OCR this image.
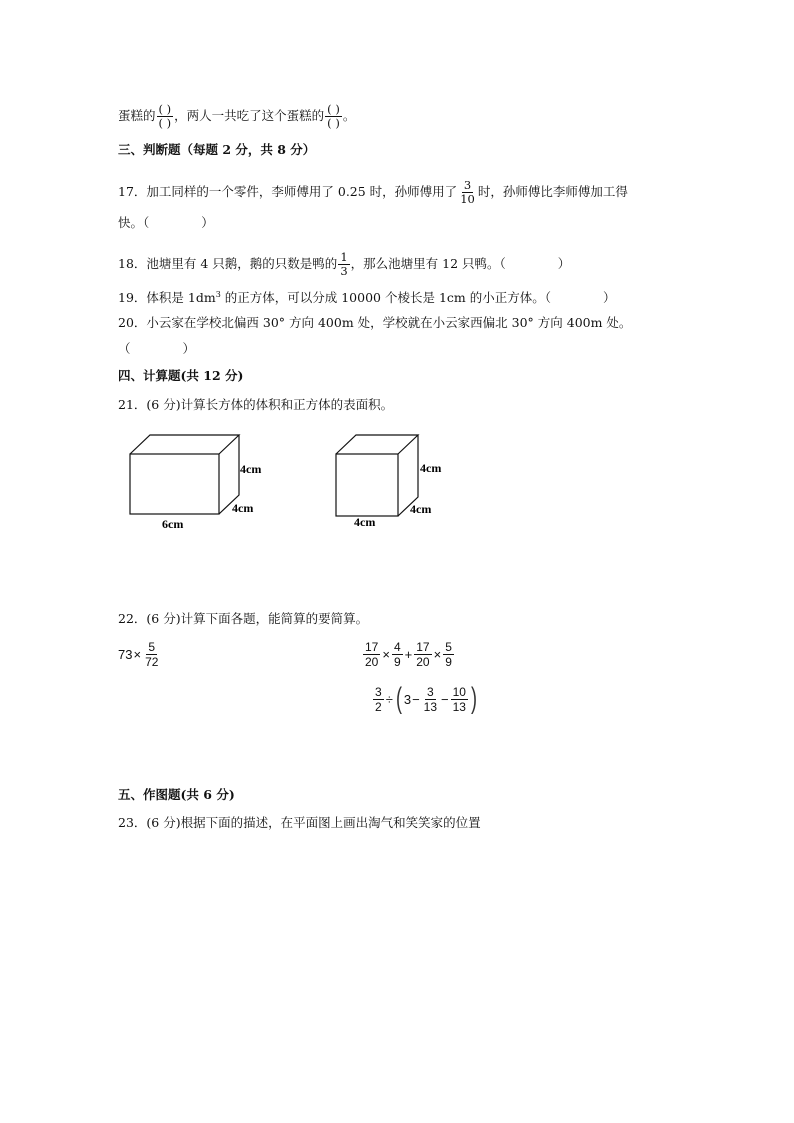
蛋糕的 $\frac{( )}{( )}$ ，两人一共吃了这个蛋糕的 $\frac{( )}{( )}$ 。
三、判断题（每题 2 分，共 8 分）
17．加工同样的一个零件，李师傅用了 0.25 时，孙师傅用了 $\frac{3}{10}$ 时，孙师傅比李师傅加工得
快。（	）
18．池塘里有 4 只鹅，鹅的只数是鸭的 $\frac{1}{3}$ ，那么池塘里有 12 只鸭。（	）
19．体积是 $1dm^3$ 的正方体，可以分成 10000 个棱长是 1cm 的小正方体。（	）
20．小云家在学校北偏西 30° 方向 400m 处，学校就在小云家西偏北 30° 方向 400m 处。
（	）
四、计算题(共 12 分)
21．(6 分)计算长方体的体积和正方体的表面积。
4cm
4cm
6cm
4cm
4cm
4cm
22．(6 分)计算下面各题，能简算的要简算。
$73 \times \frac{5}{72}$	$\frac{17}{20} \times \frac{4}{9} + \frac{17}{20} \times \frac{5}{9}$
$\frac{3}{2}$ ÷ ( $3 - \frac{3}{13} - \frac{10}{13}$ )
五、作图题(共 6 分)
23．(6 分)根据下面的描述，在平面图上画出淘气和笑笑家的位置
